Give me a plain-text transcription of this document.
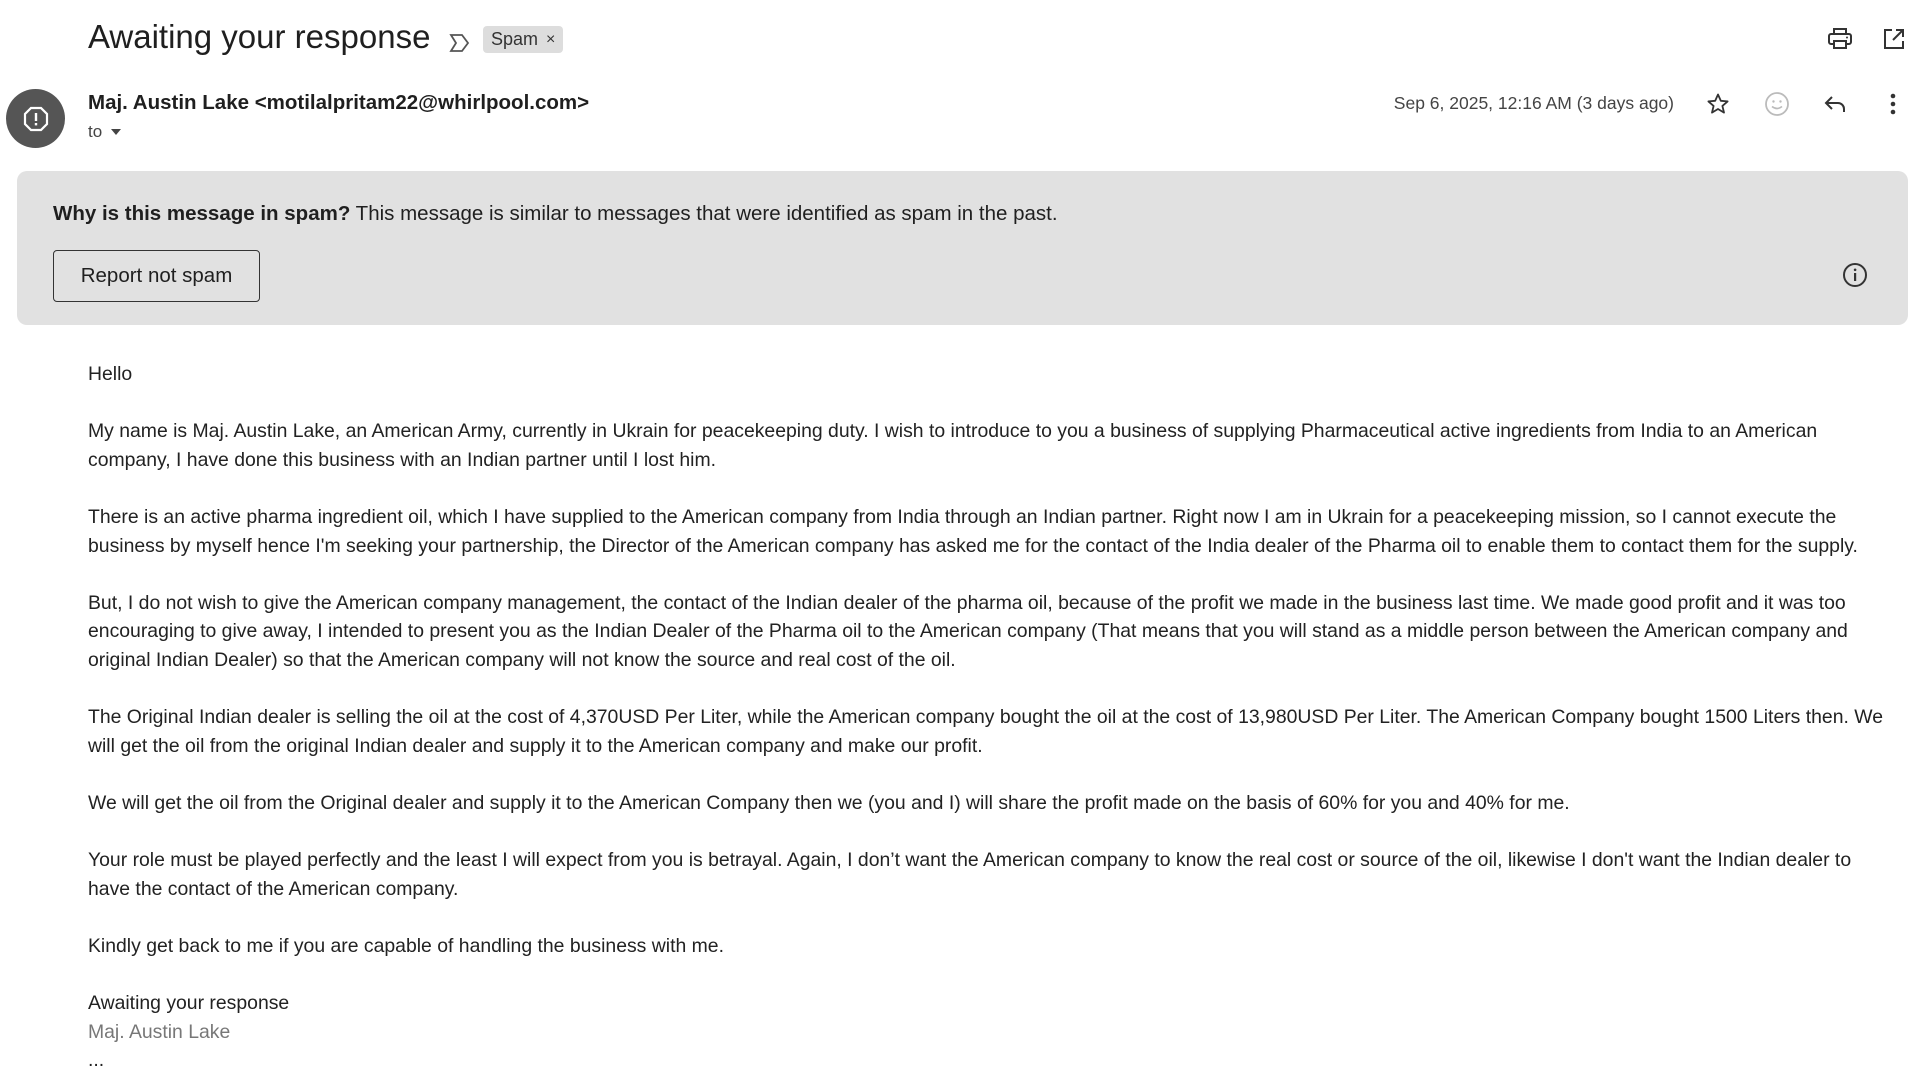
Awaiting your response	Spam ×
Maj. Austin Lake <motilalpritam22@whirlpool.com>
to
Sep 6, 2025, 12:16 AM (3 days ago)
Why is this message in spam? This message is similar to messages that were identified as spam in the past.
Report not spam

Hello

My name is Maj. Austin Lake, an American Army, currently in Ukrain for peacekeeping duty. I wish to introduce to you a business of supplying Pharmaceutical active ingredients from India to an American company, I have done this business with an Indian partner until I lost him.

There is an active pharma ingredient oil, which I have supplied to the American company from India through an Indian partner. Right now I am in Ukrain for a peacekeeping mission, so I cannot execute the business by myself hence I'm seeking your partnership, the Director of the American company has asked me for the contact of the India dealer of the Pharma oil to enable them to contact them for the supply.

But, I do not wish to give the American company management, the contact of the Indian dealer of the pharma oil, because of the profit we made in the business last time. We made good profit and it was too encouraging to give away, I intended to present you as the Indian Dealer of the Pharma oil to the American company (That means that you will stand as a middle person between the American company and original Indian Dealer) so that the American company will not know the source and real cost of the oil.

The Original Indian dealer is selling the oil at the cost of 4,370USD Per Liter, while the American company bought the oil at the cost of 13,980USD Per Liter. The American Company bought 1500 Liters then. We will get the oil from the original Indian dealer and supply it to the American company and make our profit.

We will get the oil from the Original dealer and supply it to the American Company then we (you and I) will share the profit made on the basis of 60% for you and 40% for me.

Your role must be played perfectly and the least I will expect from you is betrayal. Again, I don’t want the American company to know the real cost or source of the oil, likewise I don't want the Indian dealer to have the contact of the American company.

Kindly get back to me if you are capable of handling the business with me.

Awaiting your response

Maj. Austin Lake

...
